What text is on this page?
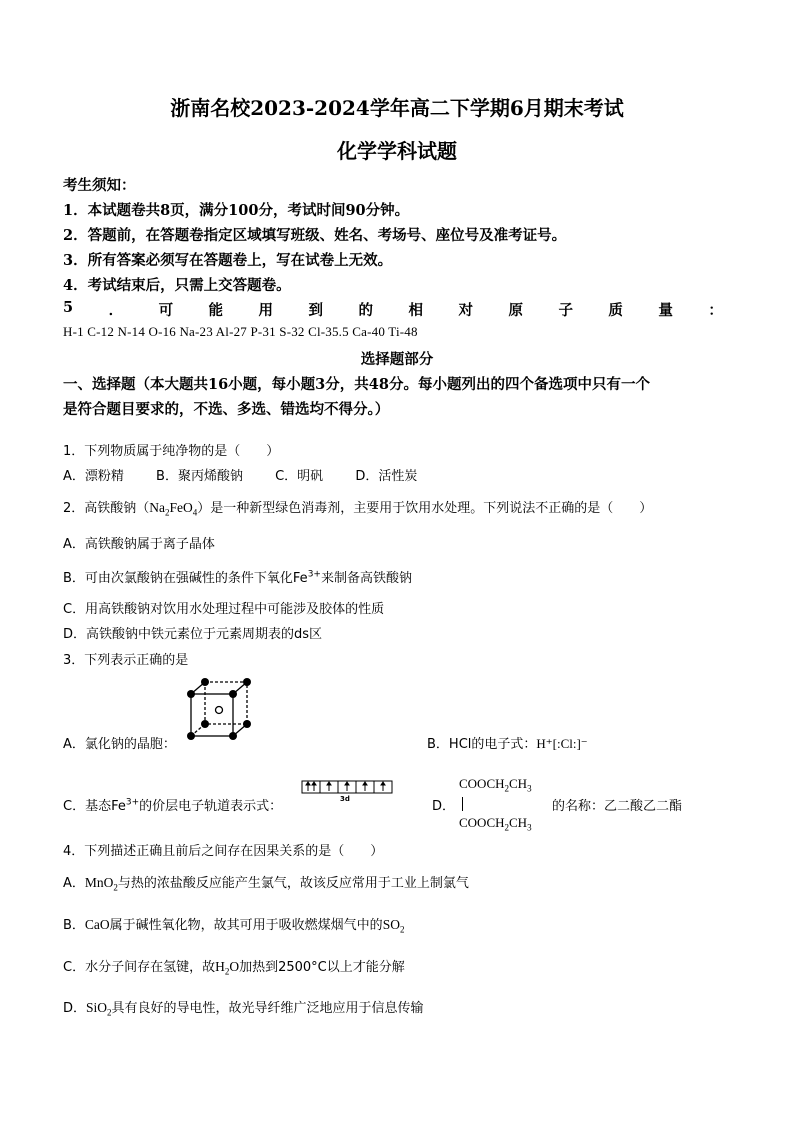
浙南名校2023-2024学年高二下学期6月期末考试
化学学科试题
考生须知：
1．本试题卷共8页，满分100分，考试时间90分钟。
2．答题前，在答题卷指定区域填写班级、姓名、考场号、座位号及准考证号。
3．所有答案必须写在答题卷上，写在试卷上无效。
4．考试结束后，只需上交答题卷。
5 ． 可 能 用 到 的 相 对 原 子 质 量 ：
H-1 C-12 N-14 O-16 Na-23 Al-27 P-31 S-32 Cl-35.5 Ca-40 Ti-48
选择题部分
一、选择题（本大题共16小题，每小题3分，共48分。每小题列出的四个备选项中只有一个
是符合题目要求的，不选、多选、错选均不得分。）
1．下列物质属于纯净物的是（　　）
A．漂粉精 B．聚丙烯酸钠 C．明矾 D．活性炭
2．高铁酸钠$(Na_2FeO_4)$是一种新型绿色消毒剂，主要用于饮用水处理。下列说法不正确的是（　　）
A．高铁酸钠属于离子晶体
B．可由次氯酸钠在强碱性的条件下氧化$Fe^{3+}$来制备高铁酸钠
C．用高铁酸钠对饮用水处理过程中可能涉及胶体的性质
D．高铁酸钠中铁元素位于元素周期表的ds区
3．下列表示正确的是
A．氯化钠的晶胞：	B．HCl的电子式：H⁺[:Cl:]⁻
C．基态$Fe^{3+}$的价层电子轨道表示式：	3d	D．
$COOCH_2CH_3$
$COOCH_2CH_3$
的名称：乙二酸乙二酯
4．下列描述正确且前后之间存在因果关系的是（　　）
A．MnO$_2$与热的浓盐酸反应能产生氯气，故该反应常用于工业上制氯气
B．CaO属于碱性氧化物，故其可用于吸收燃煤烟气中的$SO_2$
C．水分子间存在氢键，故$H_2O$加热到2500°C以上才能分解
D．SiO$_2$具有良好的导电性，故光导纤维广泛地应用于信息传输
